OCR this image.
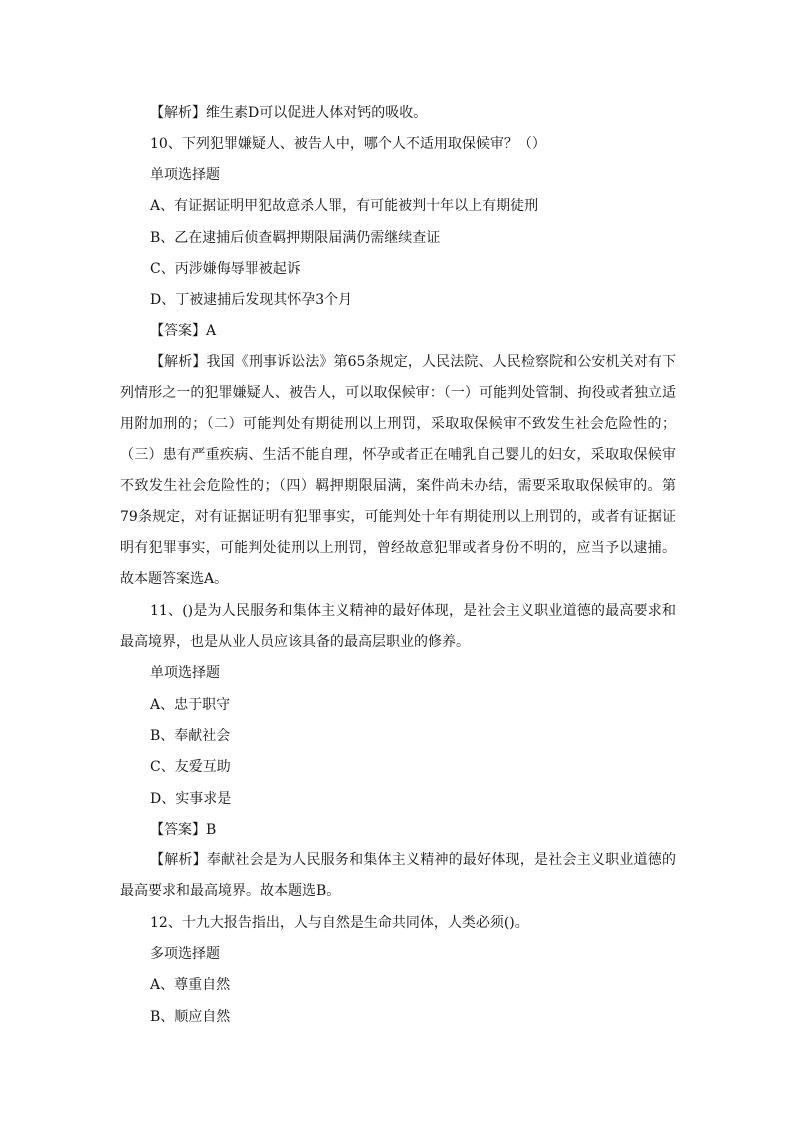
【解析】维生素D可以促进人体对钙的吸收。
10、下列犯罪嫌疑人、被告人中，哪个人不适用取保候审？（）
单项选择题
A、有证据证明甲犯故意杀人罪，有可能被判十年以上有期徒刑
B、乙在逮捕后侦查羁押期限届满仍需继续查证
C、丙涉嫌侮辱罪被起诉
D、丁被逮捕后发现其怀孕3个月
【答案】A
【解析】我国《刑事诉讼法》第65条规定，人民法院、人民检察院和公安机关对有下列情形之一的犯罪嫌疑人、被告人，可以取保候审：（一）可能判处管制、拘役或者独立适用附加刑的；（二）可能判处有期徒刑以上刑罚，采取取保候审不致发生社会危险性的；（三）患有严重疾病、生活不能自理，怀孕或者正在哺乳自己婴儿的妇女，采取取保候审不致发生社会危险性的；（四）羁押期限届满，案件尚未办结，需要采取取保候审的。第79条规定，对有证据证明有犯罪事实，可能判处十年有期徒刑以上刑罚的，或者有证据证明有犯罪事实，可能判处徒刑以上刑罚，曾经故意犯罪或者身份不明的，应当予以逮捕。故本题答案选A。
11、()是为人民服务和集体主义精神的最好体现，是社会主义职业道德的最高要求和最高境界，也是从业人员应该具备的最高层职业的修养。
单项选择题
A、忠于职守
B、奉献社会
C、友爱互助
D、实事求是
【答案】B
【解析】奉献社会是为人民服务和集体主义精神的最好体现，是社会主义职业道德的最高要求和最高境界。故本题选B。
12、十九大报告指出，人与自然是生命共同体，人类必须()。
多项选择题
A、尊重自然
B、顺应自然
